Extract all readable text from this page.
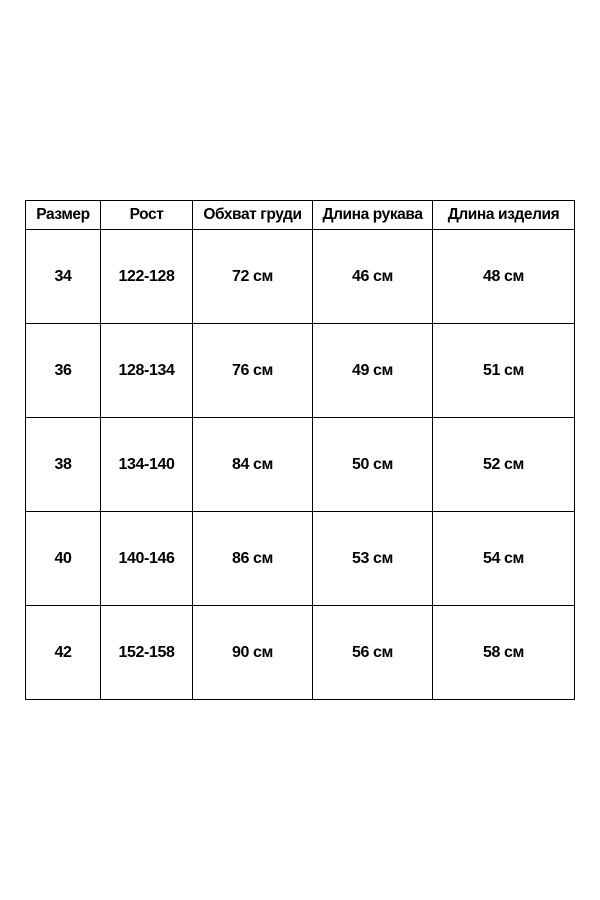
Размер	Рост	Обхват груди	Длина рукава	Длина изделия
34	122-128	72 см	46 см	48 см
36	128-134	76 см	49 см	51 см
38	134-140	84 см	50 см	52 см
40	140-146	86 см	53 см	54 см
42	152-158	90 см	56 см	58 см
